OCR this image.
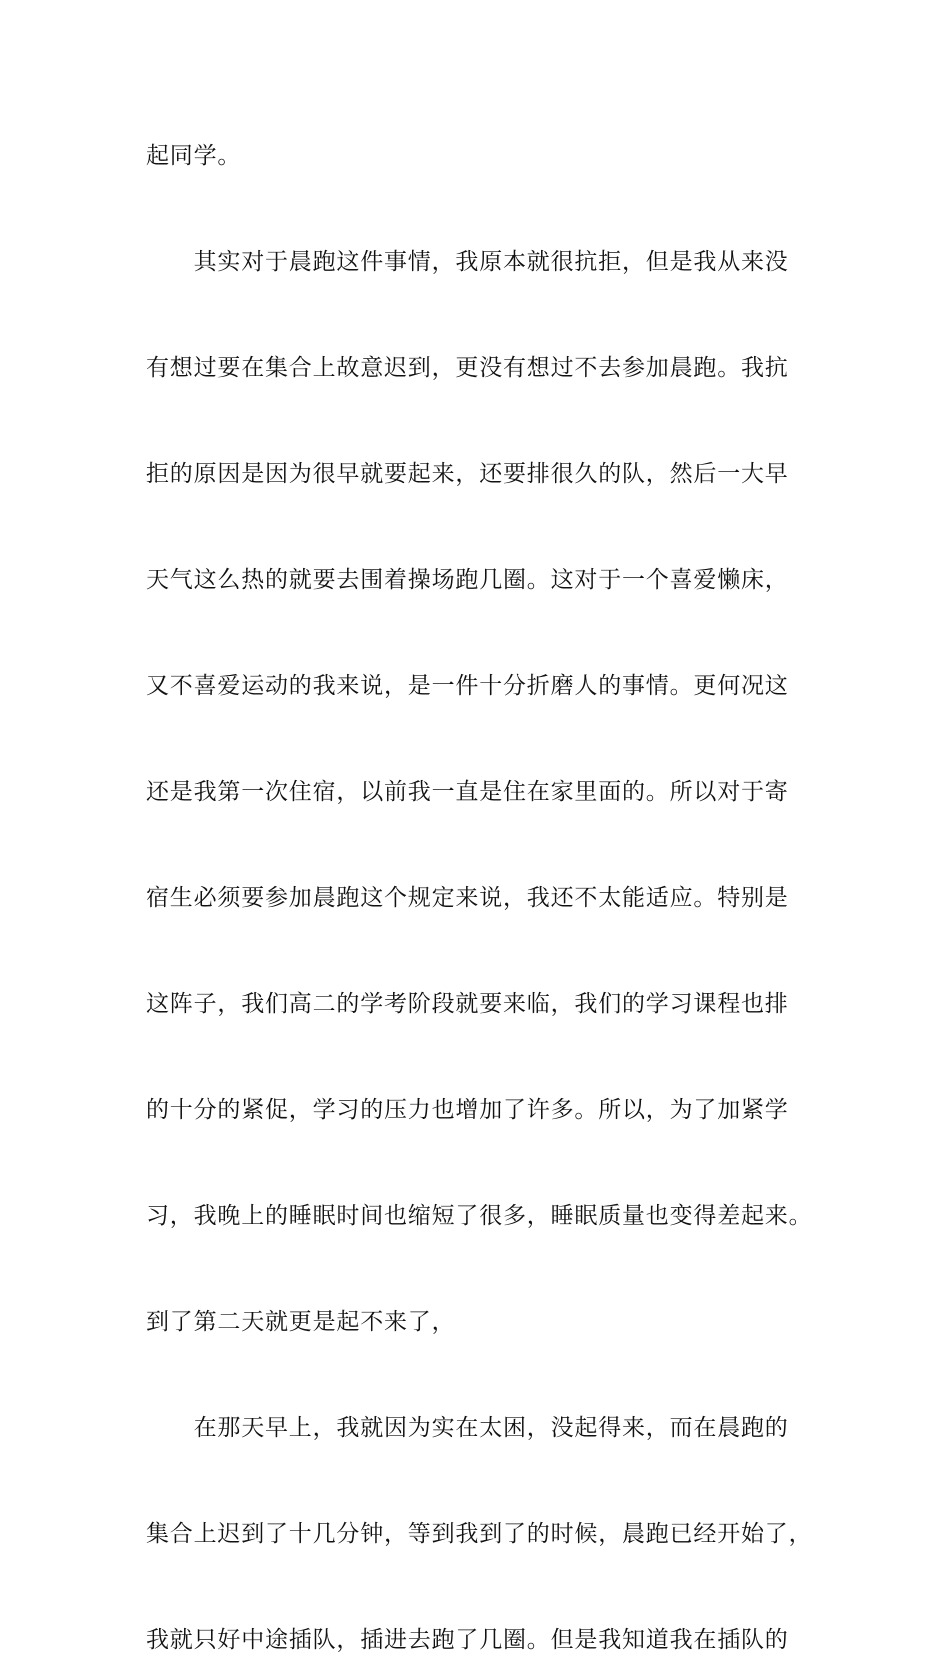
起同学。
　　其实对于晨跑这件事情，我原本就很抗拒，但是我从来没
有想过要在集合上故意迟到，更没有想过不去参加晨跑。我抗
拒的原因是因为很早就要起来，还要排很久的队，然后一大早
天气这么热的就要去围着操场跑几圈。这对于一个喜爱懒床，
又不喜爱运动的我来说，是一件十分折磨人的事情。更何况这
还是我第一次住宿，以前我一直是住在家里面的。所以对于寄
宿生必须要参加晨跑这个规定来说，我还不太能适应。特别是
这阵子，我们高二的学考阶段就要来临，我们的学习课程也排
的十分的紧促，学习的压力也增加了许多。所以，为了加紧学
习，我晚上的睡眠时间也缩短了很多，睡眠质量也变得差起来。
到了第二天就更是起不来了，
　　在那天早上，我就因为实在太困，没起得来，而在晨跑的
集合上迟到了十几分钟，等到我到了的时候，晨跑已经开始了，
我就只好中途插队，插进去跑了几圈。但是我知道我在插队的
